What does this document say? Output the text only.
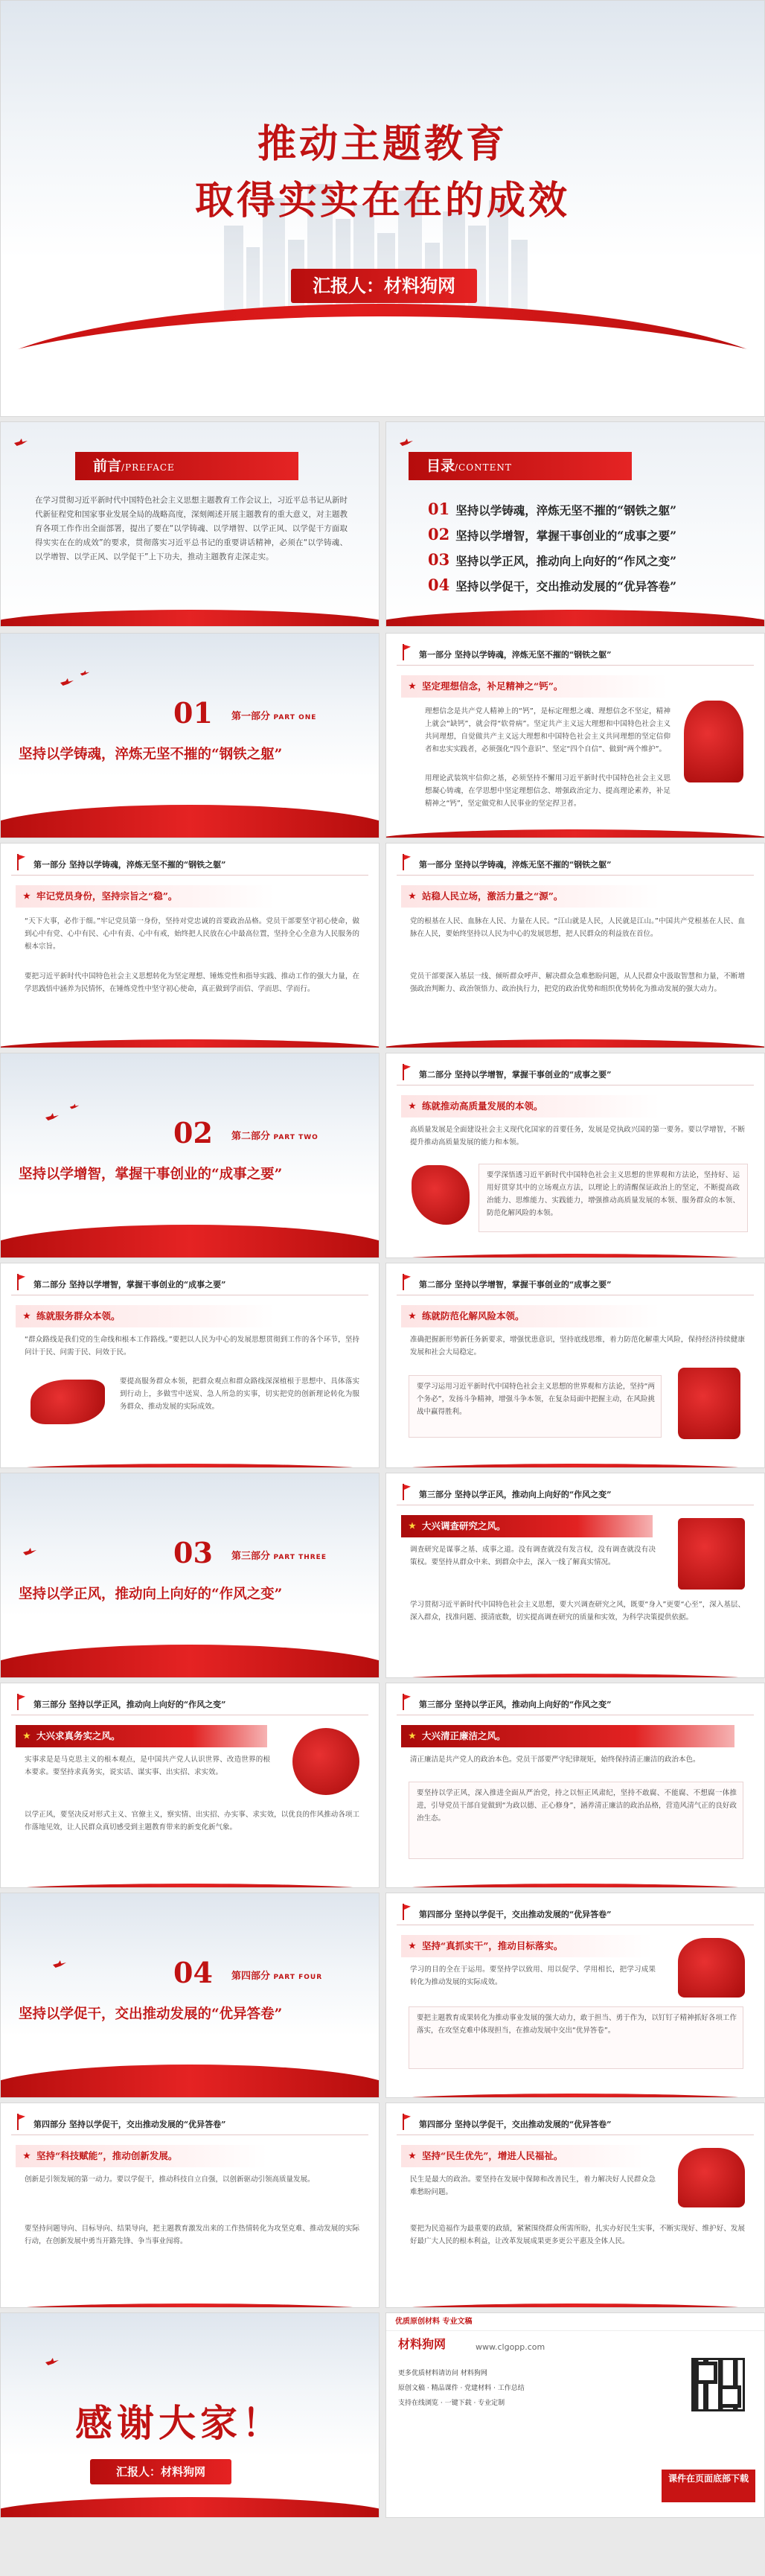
推动主题教育
取得实实在在的成效
汇报人：材料狗网
前言/PREFACE
在学习贯彻习近平新时代中国特色社会主义思想主题教育工作会议上，习近平总书记从新时代新征程党和国家事业发展全局的战略高度，深刻阐述开展主题教育的重大意义，对主题教育各项工作作出全面部署，提出了要在“以学铸魂、以学增智、以学正风、以学促干方面取得实实在在的成效”的要求，贯彻落实习近平总书记的重要讲话精神，必须在“以学铸魂、以学增智、以学正风、以学促干”上下功夫，推动主题教育走深走实。
目录/CONTENT
01 坚持以学铸魂，淬炼无坚不摧的“钢铁之躯”
02 坚持以学增智，掌握干事创业的“成事之要”
03 坚持以学正风，推动向上向好的“作风之变”
04 坚持以学促干，交出推动发展的“优异答卷”
01 第一部分 PART ONE
坚持以学铸魂，淬炼无坚不摧的“钢铁之躯”
第一部分 坚持以学铸魂，淬炼无坚不摧的“钢铁之躯”
★ 坚定理想信念，补足精神之“钙”。
理想信念是共产党人精神上的“钙”，是标定理想之魂、理想信念不坚定，精神上就会“缺钙”，就会得“软骨病”。坚定共产主义远大理想和中国特色社会主义共同理想，自觉做共产主义远大理想和中国特色社会主义共同理想的坚定信仰者和忠实实践者，必须强化“四个意识”、坚定“四个自信”、做到“两个维护”。
用理论武装筑牢信仰之基，必须坚持不懈用习近平新时代中国特色社会主义思想凝心铸魂，在学思想中坚定理想信念、增强政治定力、提高理论素养，补足精神之“钙”，坚定做党和人民事业的坚定捍卫者。
第一部分 坚持以学铸魂，淬炼无坚不摧的“钢铁之躯”
★ 牢记党员身份，坚持宗旨之“稳”。
“天下大事，必作于细。”牢记党员第一身份，坚持对党忠诚的首要政治品格。党员干部要坚守初心使命，做到心中有党、心中有民、心中有责、心中有戒，始终把人民放在心中最高位置，坚持全心全意为人民服务的根本宗旨。
要把习近平新时代中国特色社会主义思想转化为坚定理想、锤炼党性和指导实践、推动工作的强大力量，在学思践悟中涵养为民情怀，在锤炼党性中坚守初心使命，真正做到学而信、学而思、学而行。
第一部分 坚持以学铸魂，淬炼无坚不摧的“钢铁之躯”
★ 站稳人民立场，激活力量之“源”。
党的根基在人民、血脉在人民、力量在人民。“江山就是人民，人民就是江山。”中国共产党根基在人民、血脉在人民，要始终坚持以人民为中心的发展思想，把人民群众的利益放在首位。
党员干部要深入基层一线、倾听群众呼声、解决群众急难愁盼问题，从人民群众中汲取智慧和力量，不断增强政治判断力、政治领悟力、政治执行力，把党的政治优势和组织优势转化为推动发展的强大动力。
02 第二部分 PART TWO
坚持以学增智，掌握干事创业的“成事之要”
第二部分 坚持以学增智，掌握干事创业的“成事之要”
★ 练就推动高质量发展的本领。
高质量发展是全面建设社会主义现代化国家的首要任务，发展是党执政兴国的第一要务。要以学增智，不断提升推动高质量发展的能力和本领。
要学深悟透习近平新时代中国特色社会主义思想的世界观和方法论，坚持好、运用好贯穿其中的立场观点方法，以理论上的清醒保证政治上的坚定，不断提高政治能力、思维能力、实践能力，增强推动高质量发展的本领、服务群众的本领、防范化解风险的本领。
第二部分 坚持以学增智，掌握干事创业的“成事之要”
★ 练就服务群众本领。
“群众路线是我们党的生命线和根本工作路线。”要把以人民为中心的发展思想贯彻到工作的各个环节，坚持问计于民、问需于民、问效于民。
要提高服务群众本领，把群众观点和群众路线深深植根于思想中、具体落实到行动上，多做雪中送炭、急人所急的实事，切实把党的创新理论转化为服务群众、推动发展的实际成效。
第二部分 坚持以学增智，掌握干事创业的“成事之要”
★ 练就防范化解风险本领。
准确把握新形势新任务新要求，增强忧患意识，坚持底线思维，着力防范化解重大风险，保持经济持续健康发展和社会大局稳定。
要学习运用习近平新时代中国特色社会主义思想的世界观和方法论，坚持“两个务必”，发扬斗争精神，增强斗争本领，在复杂局面中把握主动，在风险挑战中赢得胜利。
03 第三部分 PART THREE
坚持以学正风，推动向上向好的“作风之变”
第三部分 坚持以学正风，推动向上向好的“作风之变”
★ 大兴调查研究之风。
调查研究是谋事之基、成事之道。没有调查就没有发言权，没有调查就没有决策权。要坚持从群众中来、到群众中去，深入一线了解真实情况。
学习贯彻习近平新时代中国特色社会主义思想，要大兴调查研究之风，既要“身入”更要“心至”，深入基层、深入群众，找准问题、摸清底数，切实提高调查研究的质量和实效，为科学决策提供依据。
第三部分 坚持以学正风，推动向上向好的“作风之变”
★ 大兴求真务实之风。
实事求是是马克思主义的根本观点，是中国共产党人认识世界、改造世界的根本要求。要坚持求真务实，说实话、谋实事、出实招、求实效。
以学正风，要坚决反对形式主义、官僚主义，察实情、出实招、办实事、求实效，以优良的作风推动各项工作落地见效，让人民群众真切感受到主题教育带来的新变化新气象。
第三部分 坚持以学正风，推动向上向好的“作风之变”
★ 大兴清正廉洁之风。
清正廉洁是共产党人的政治本色。党员干部要严守纪律规矩，始终保持清正廉洁的政治本色。
要坚持以学正风，深入推进全面从严治党，持之以恒正风肃纪，坚持不敢腐、不能腐、不想腐一体推进，引导党员干部自觉做到“为政以德、正心修身”，涵养清正廉洁的政治品格，营造风清气正的良好政治生态。
04 第四部分 PART FOUR
坚持以学促干，交出推动发展的“优异答卷”
第四部分 坚持以学促干，交出推动发展的“优异答卷”
★ 坚持“真抓实干”，推动目标落实。
学习的目的全在于运用。要坚持学以致用、用以促学、学用相长，把学习成果转化为推动发展的实际成效。
要把主题教育成果转化为推动事业发展的强大动力，敢于担当、勇于作为，以钉钉子精神抓好各项工作落实，在攻坚克难中体现担当，在推动发展中交出“优异答卷”。
第四部分 坚持以学促干，交出推动发展的“优异答卷”
★ 坚持“科技赋能”，推动创新发展。
创新是引领发展的第一动力。要以学促干，推动科技自立自强，以创新驱动引领高质量发展。
要坚持问题导向、目标导向、结果导向，把主题教育激发出来的工作热情转化为攻坚克难、推动发展的实际行动，在创新发展中勇当开路先锋、争当事业闯将。
第四部分 坚持以学促干，交出推动发展的“优异答卷”
★ 坚持“民生优先”，增进人民福祉。
民生是最大的政治。要坚持在发展中保障和改善民生，着力解决好人民群众急难愁盼问题。
要把为民造福作为最重要的政绩，紧紧围绕群众所需所盼，扎实办好民生实事，不断实现好、维护好、发展好最广大人民的根本利益，让改革发展成果更多更公平惠及全体人民。
感谢大家！
汇报人：材料狗网
优质原创材料 专业文稿
材料狗网	www.clgopp.com
更多优质材料请访问 材料狗网
原创文稿 · 精品课件 · 党建材料 · 工作总结
支持在线浏览 · 一键下载 · 专业定制
课件在页面底部下载
